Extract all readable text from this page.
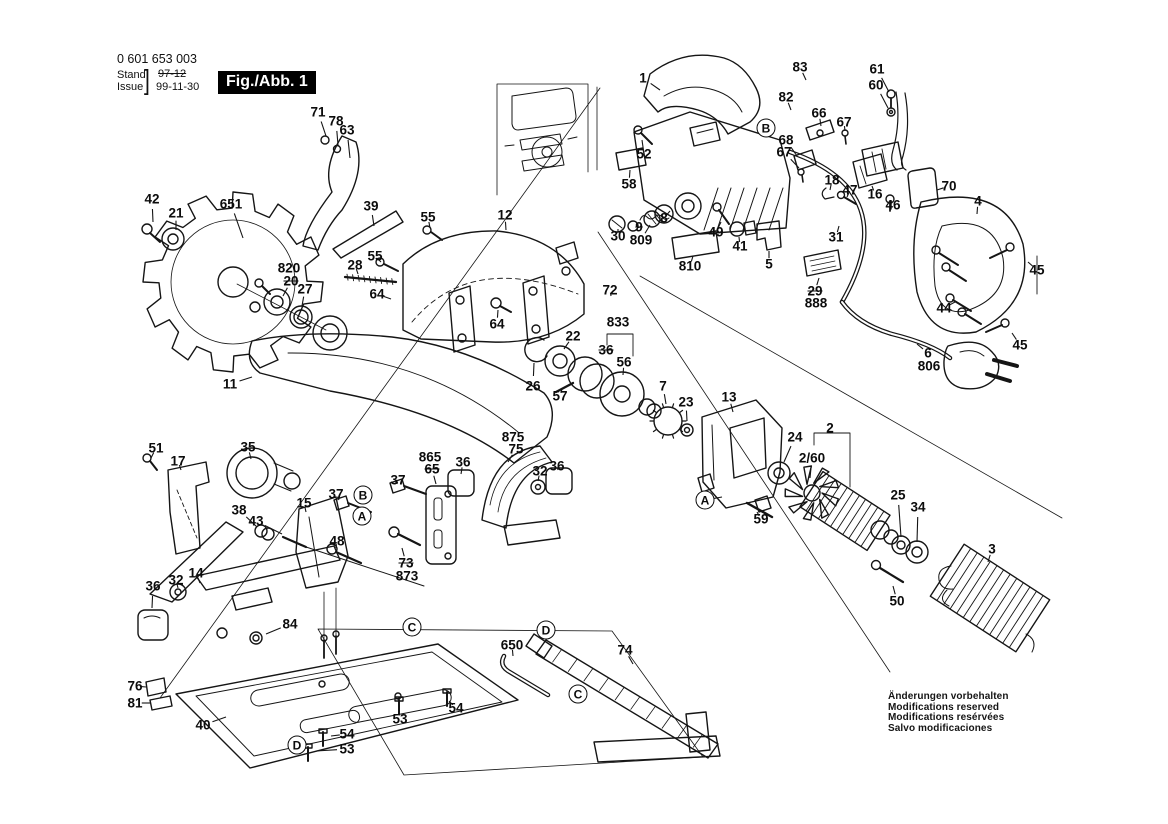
0 601 653 003
Stand
Issue ] 97-12
99-11-30	Fig./Abb. 1
71
78
63
42
21
651
820
20
27
39
28
55
55	12
64
64
11
1
52
58
83
82
61
60
B
66
67
68
67
18
47 16
46
70
4
45
44
45
30
9
809
8
49
810
41
5
31
29
888
6
806
72
833
36
56
22
26
57
7
23 13
24
2
2/60
A
59
25
34
3
50
51
17
35
38
43
15
37	B
A
37
865
65 36
875
75
32 36
48
73
873
14
32
36
84
76
81
40
C	D
650
C
74
53
54
54
53
D
Änderungen vorbehalten
Modifications reserved
Modifications resérvées
Salvo modificaciones
